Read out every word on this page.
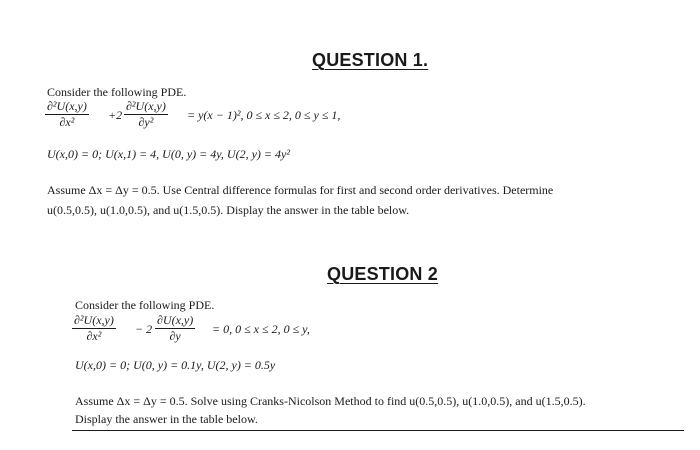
QUESTION 1.
Consider the following PDE.
$\frac{\text{∂²U(x,y)}}{\text{∂x²}} +2 \frac{\text{∂²U(x,y)}}{\text{∂y²}} = y(x - 1)^2$, 0 ≤ x ≤ 2, 0 ≤ y ≤ 1,
U(x,0) = 0; U(x,1) = 4, U(0, y) = 4y, U(2, y) = 4y²
Assume Δx = Δy = 0.5. Use Central difference formulas for first and second order derivatives. Determine
u(0.5,0.5), u(1.0,0.5), and u(1.5,0.5). Display the answer in the table below.
QUESTION 2
Consider the following PDE.
$\frac{\text{∂²U(x,y)}}{\text{∂x²}} - 2 \frac{\partial U(x,y)}{\partial y} = 0$, 0 ≤ x ≤ 2, 0 ≤ y,
U(x,0) = 0; U(0, y) = 0.1y, U(2, y) = 0.5y
Assume Δx = Δy = 0.5. Solve using Cranks-Nicolson Method to find u(0.5,0.5), u(1.0,0.5), and u(1.5,0.5).
Display the answer in the table below.
